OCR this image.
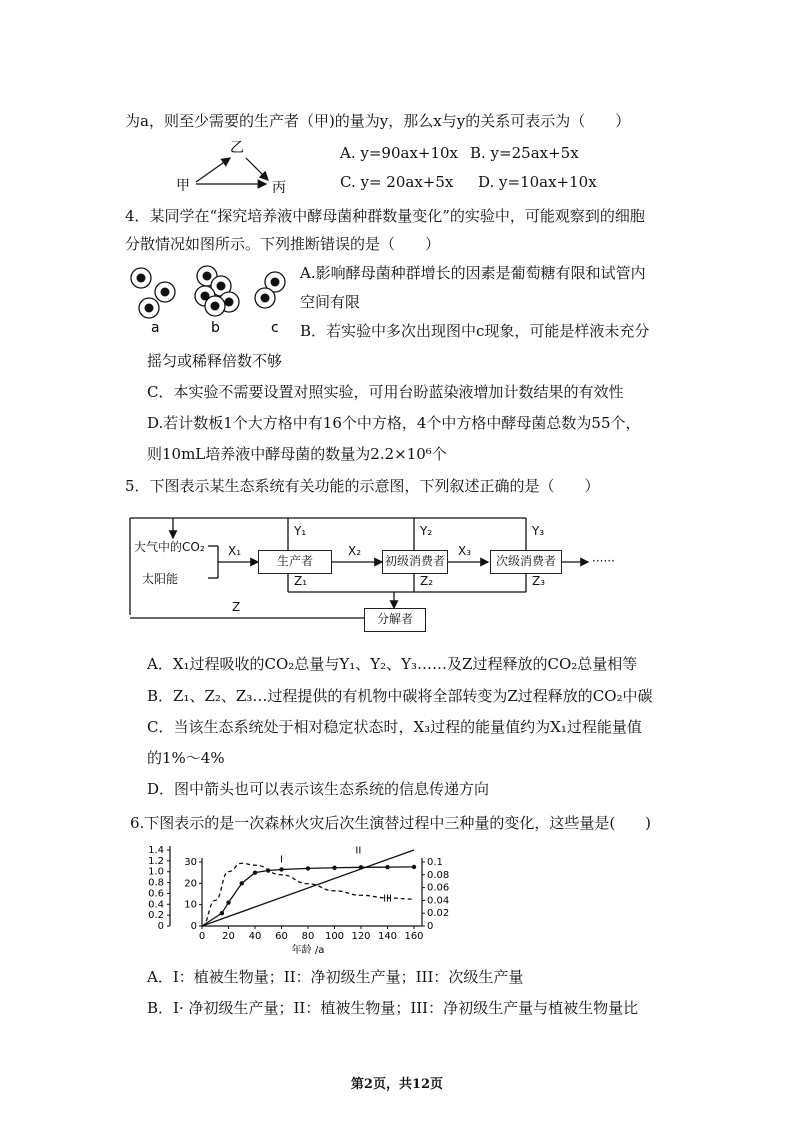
为a，则至少需要的生产者（甲)的量为y，那么x与y的关系可表示为（　　）
乙
甲	丙
A. y=90ax+10x B. y=25ax+5x
C. y= 20ax+5x D. y=10ax+10x
4．某同学在“探究培养液中酵母菌种群数量变化”的实验中，可能观察到的细胞
分散情况如图所示。下列推断错误的是（　　）
a	b	c
A.影响酵母菌种群增长的因素是葡萄糖有限和试管内
空间有限
B．若实验中多次出现图中c现象，可能是样液未充分
摇匀或稀释倍数不够
C．本实验不需要设置对照实验，可用台盼蓝染液增加计数结果的有效性
D.若计数板1个大方格中有16个中方格，4个中方格中酵母菌总数为55个，
则10mL培养液中酵母菌的数量为2.2×10⁶个
5．下图表示某生态系统有关功能的示意图，下列叙述正确的是（　　）
大气中的CO₂
太阳能
生产者	初级消费者	次级消费者
分解者
······
X₁	X₂	X₃
Y₁	Y₂	Y₃
Z₁	Z₂	Z₃
Z
A．X₁过程吸收的CO₂总量与Y₁、Y₂、Y₃……及Z过程释放的CO₂总量相等
B．Z₁、Z₂、Z₃…过程提供的有机物中碳将全部转变为Z过程释放的CO₂中碳
C．当该生态系统处于相对稳定状态时，X₃过程的能量值约为X₁过程能量值
的1%～4%
D．图中箭头也可以表示该生态系统的信息传递方向
6.下图表示的是一次森林火灾后次生演替过程中三种量的变化，这些量是(　　)
0 20 40 60 80 100 120 140 160
年龄 /a
1.4
1.2
1.0
0.8
0.6
0.4
0.2
0
30
20
10
0
0.1
0.08
0.06
0.04
0.02
0
I
II
III
A．I：植被生物量；II：净初级生产量；III：次级生产量
B．I· 净初级生产量；II：植被生物量；III：净初级生产量与植被生物量比
第2页，共12页
